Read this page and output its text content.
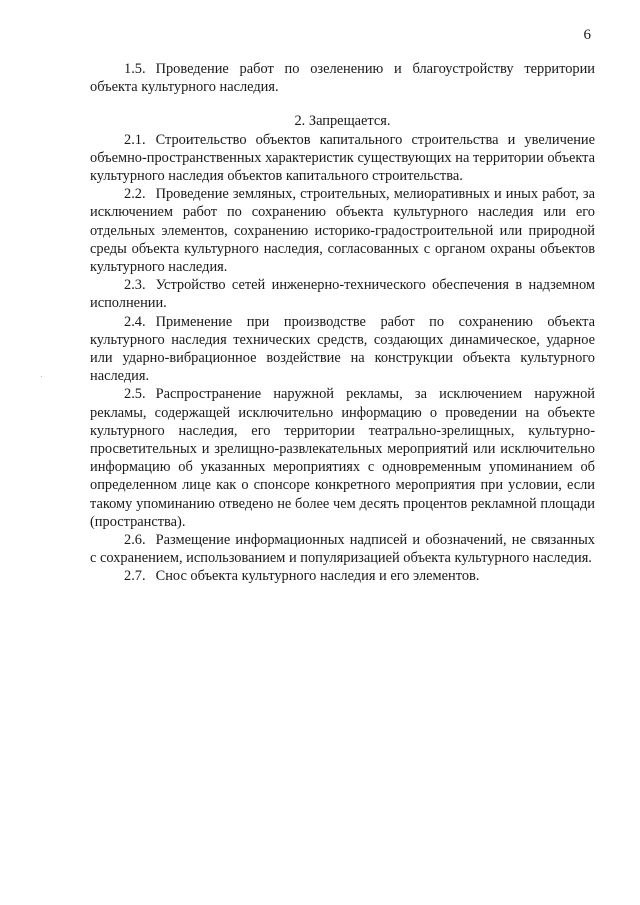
6

1.5. Проведение работ по озеленению и благоустройству территории объекта культурного наследия.

2. Запрещается.

2.1. Строительство объектов капитального строительства и увеличение объемно-пространственных характеристик существующих на территории объекта культурного наследия объектов капитального строительства.

2.2. Проведение земляных, строительных, мелиоративных и иных работ, за исключением работ по сохранению объекта культурного наследия или его отдельных элементов, сохранению историко-градостроительной или природной среды объекта культурного наследия, согласованных с органом охраны объектов культурного наследия.

2.3. Устройство сетей инженерно-технического обеспечения в надземном исполнении.

2.4. Применение при производстве работ по сохранению объекта культурного наследия технических средств, создающих динамическое, ударное или ударно-вибрационное воздействие на конструкции объекта культурного наследия.

2.5. Распространение наружной рекламы, за исключением наружной рекламы, содержащей исключительно информацию о проведении на объекте культурного наследия, его территории театрально-зрелищных, культурно-просветительных и зрелищно-развлекательных мероприятий или исключительно информацию об указанных мероприятиях с одновременным упоминанием об определенном лице как о спонсоре конкретного мероприятия при условии, если такому упоминанию отведено не более чем десять процентов рекламной площади (пространства).

2.6. Размещение информационных надписей и обозначений, не связанных с сохранением, использованием и популяризацией объекта культурного наследия.

2.7. Снос объекта культурного наследия и его элементов.
